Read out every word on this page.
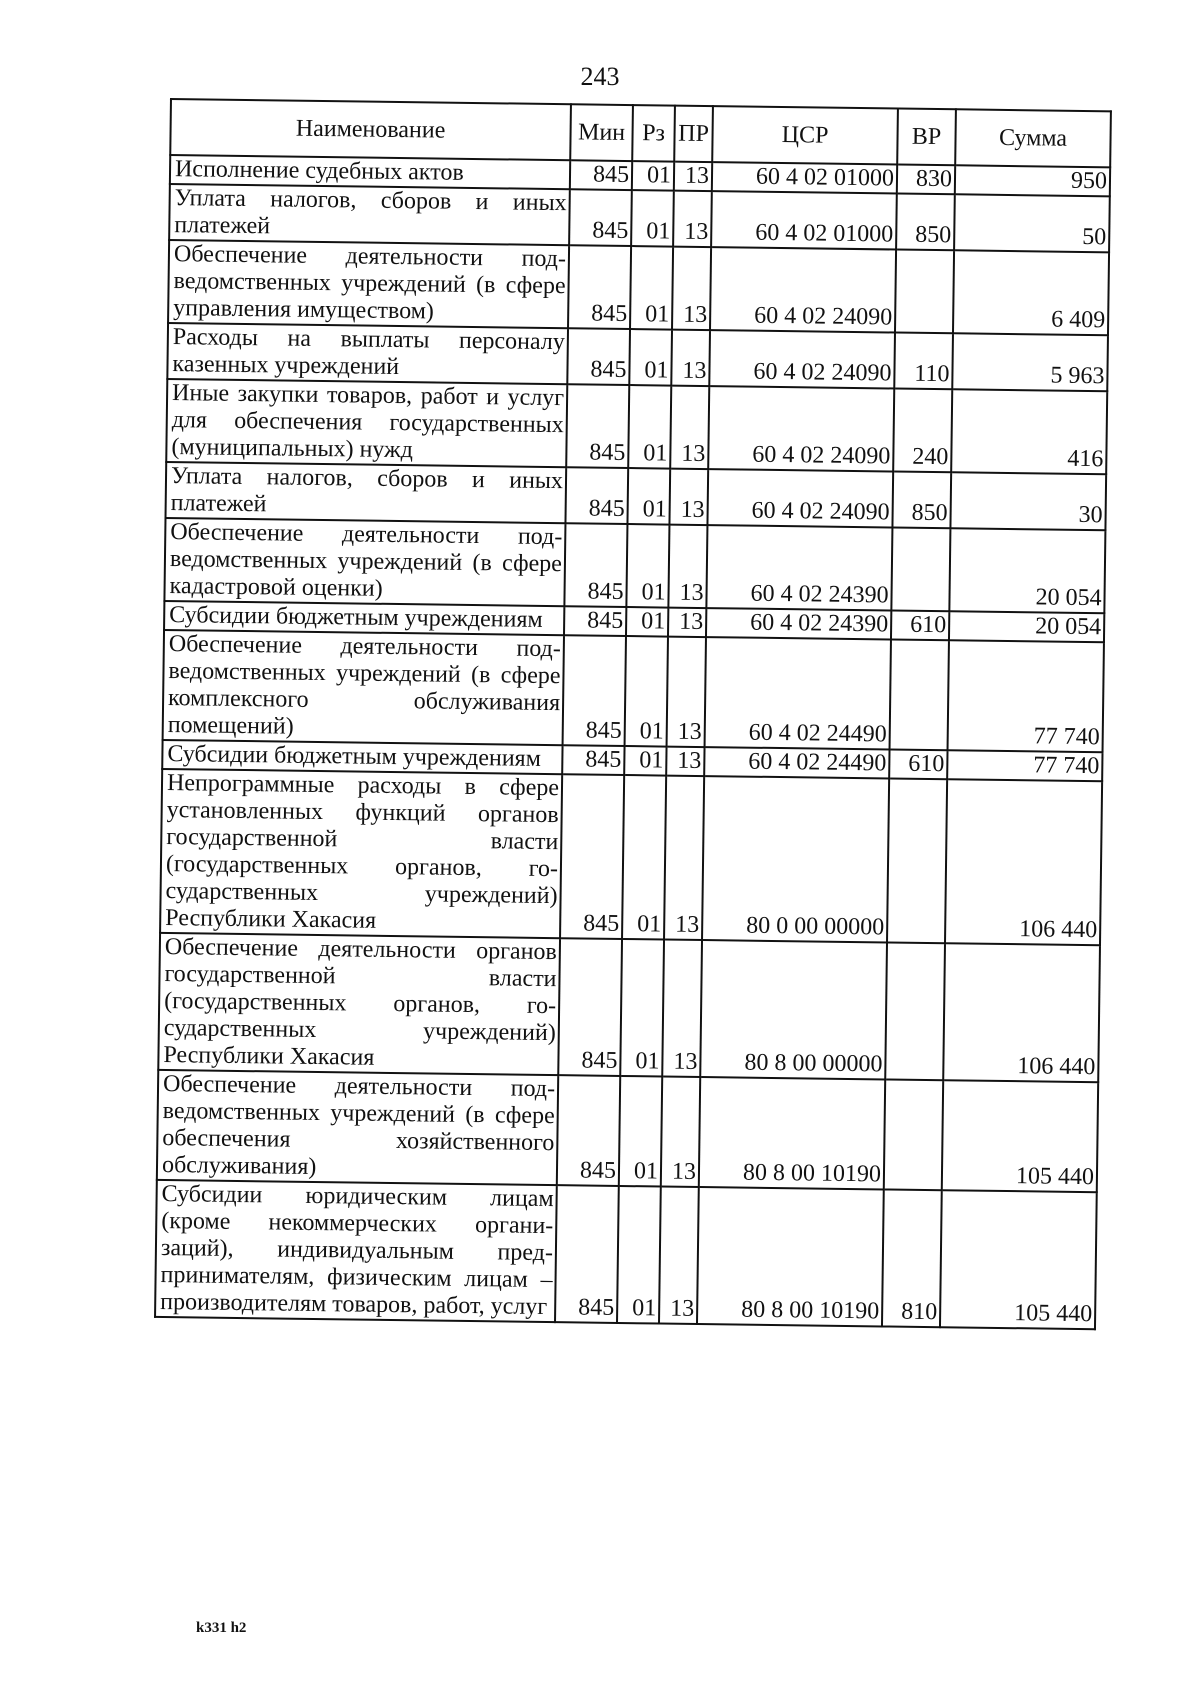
243
Наименование	Мин	Рз	ПР	ЦСР	ВР	Сумма
Исполнение судебных актов	845	01	13	60 4 02 01000	830	950
Уплата налогов, сборов и иных платежей	845	01	13	60 4 02 01000	850	50
Обеспечение деятельности подведомственных учреждений (в сфере управления имуществом)	845	01	13	60 4 02 24090		6 409
Расходы на выплаты персоналу казенных учреждений	845	01	13	60 4 02 24090	110	5 963
Иные закупки товаров, работ и услуг для обеспечения государственных (муниципальных) нужд	845	01	13	60 4 02 24090	240	416
Уплата налогов, сборов и иных платежей	845	01	13	60 4 02 24090	850	30
Обеспечение деятельности подведомственных учреждений (в сфере кадастровой оценки)	845	01	13	60 4 02 24390		20 054
Субсидии бюджетным учреждениям	845	01	13	60 4 02 24390	610	20 054
Обеспечение деятельности подведомственных учреждений (в сфере комплексного обслуживания помещений)	845	01	13	60 4 02 24490		77 740
Субсидии бюджетным учреждениям	845	01	13	60 4 02 24490	610	77 740
Непрограммные расходы в сфере установленных функций органов государственной власти (государственных органов, государственных учреждений) Республики Хакасия	845	01	13	80 0 00 00000		106 440
Обеспечение деятельности органов государственной власти (государственных органов, государственных учреждений) Республики Хакасия	845	01	13	80 8 00 00000		106 440
Обеспечение деятельности подведомственных учреждений (в сфере обеспечения хозяйственного обслуживания)	845	01	13	80 8 00 10190		105 440
Субсидии юридическим лицам (кроме некоммерческих организаций), индивидуальным предпринимателям, физическим лицам – производителям товаров, работ, услуг	845	01	13	80 8 00 10190	810	105 440
k331 h2
